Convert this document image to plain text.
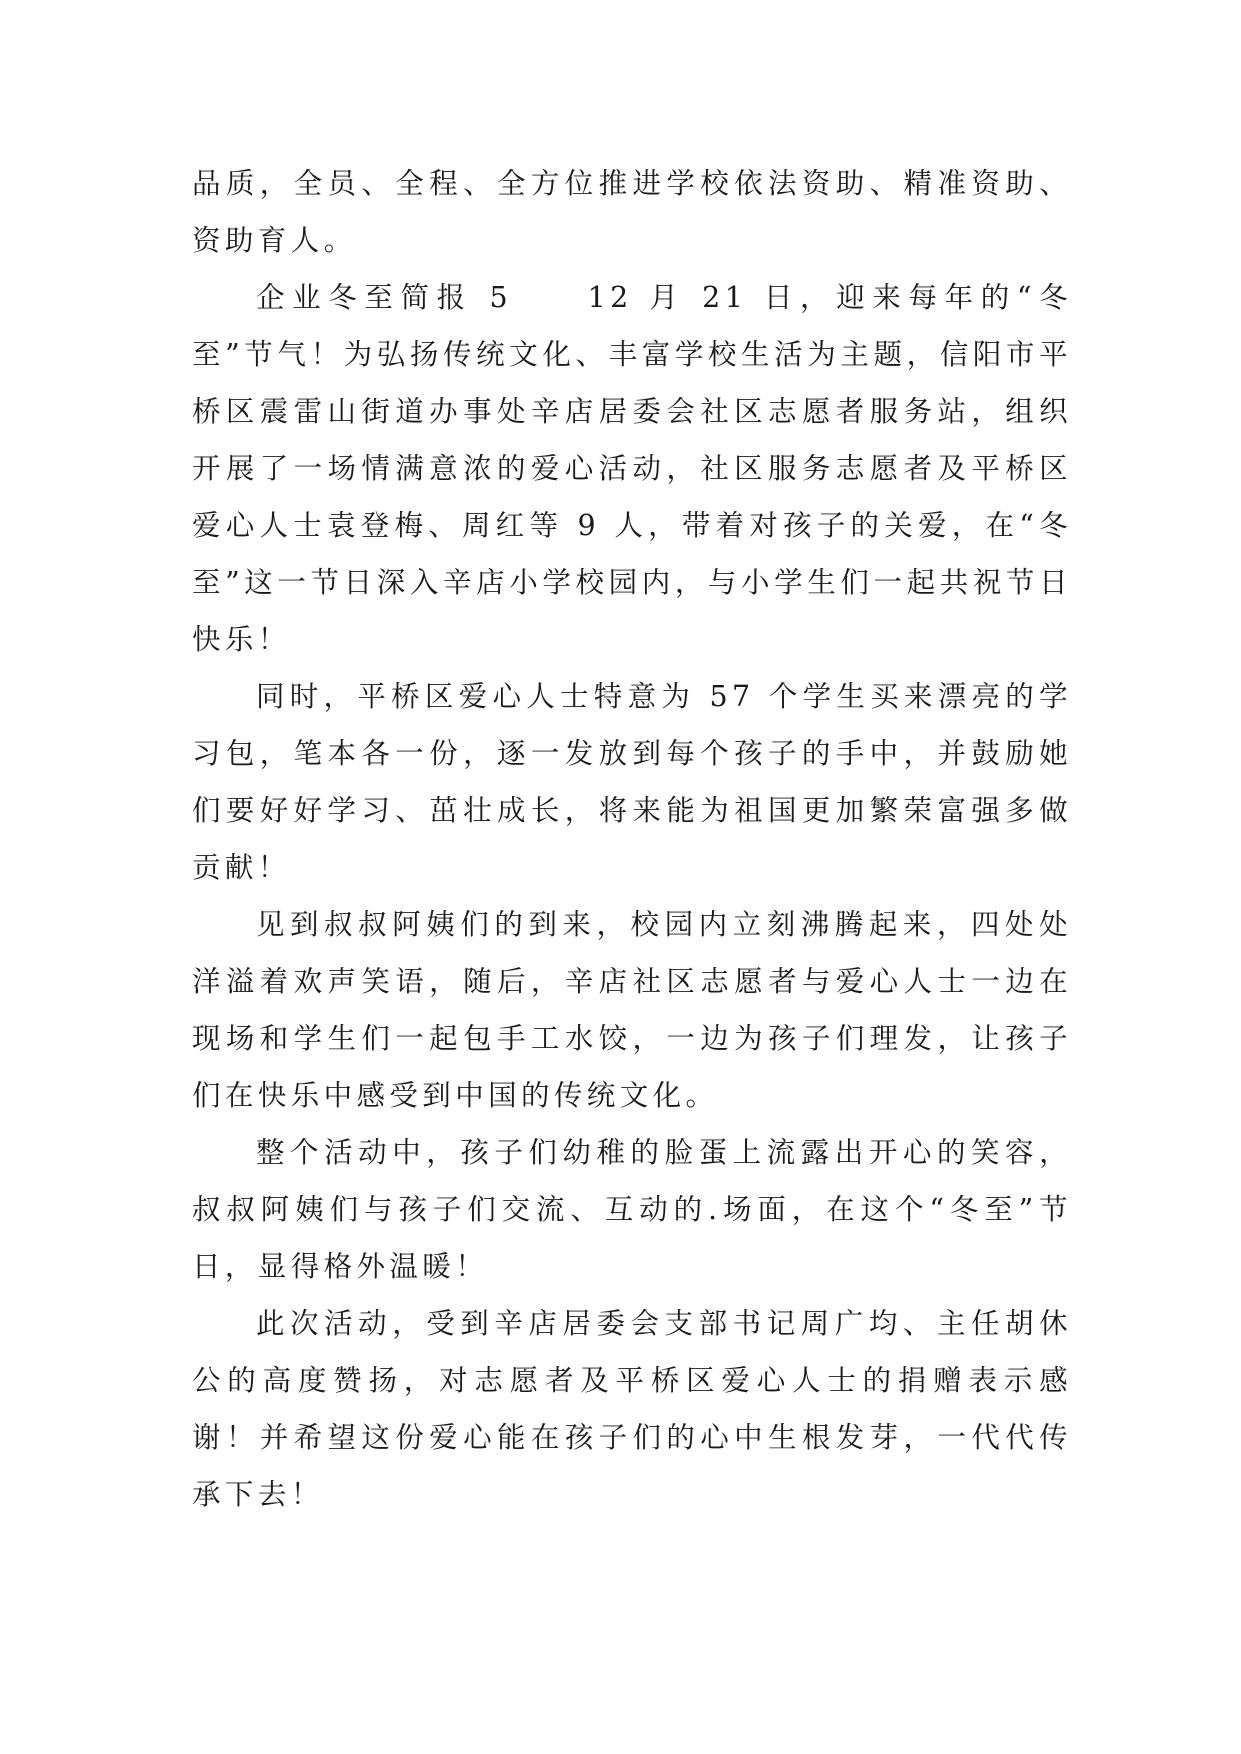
品质，全员、全程、全方位推进学校依法资助、精准资助、资助育人。

企业冬至简报 5　　12 月 21 日，迎来每年的“冬至”节气！为弘扬传统文化、丰富学校生活为主题，信阳市平桥区震雷山街道办事处辛店居委会社区志愿者服务站，组织开展了一场情满意浓的爱心活动，社区服务志愿者及平桥区爱心人士袁登梅、周红等 9 人，带着对孩子的关爱，在“冬至”这一节日深入辛店小学校园内，与小学生们一起共祝节日快乐！

同时，平桥区爱心人士特意为 57 个学生买来漂亮的学习包，笔本各一份，逐一发放到每个孩子的手中，并鼓励她们要好好学习、茁壮成长，将来能为祖国更加繁荣富强多做贡献！

见到叔叔阿姨们的到来，校园内立刻沸腾起来，四处处洋溢着欢声笑语，随后，辛店社区志愿者与爱心人士一边在现场和学生们一起包手工水饺，一边为孩子们理发，让孩子们在快乐中感受到中国的传统文化。

整个活动中，孩子们幼稚的脸蛋上流露出开心的笑容，叔叔阿姨们与孩子们交流、互动的.场面，在这个“冬至”节日，显得格外温暖！

此次活动，受到辛店居委会支部书记周广均、主任胡休公的高度赞扬，对志愿者及平桥区爱心人士的捐赠表示感谢！并希望这份爱心能在孩子们的心中生根发芽，一代代传承下去！
